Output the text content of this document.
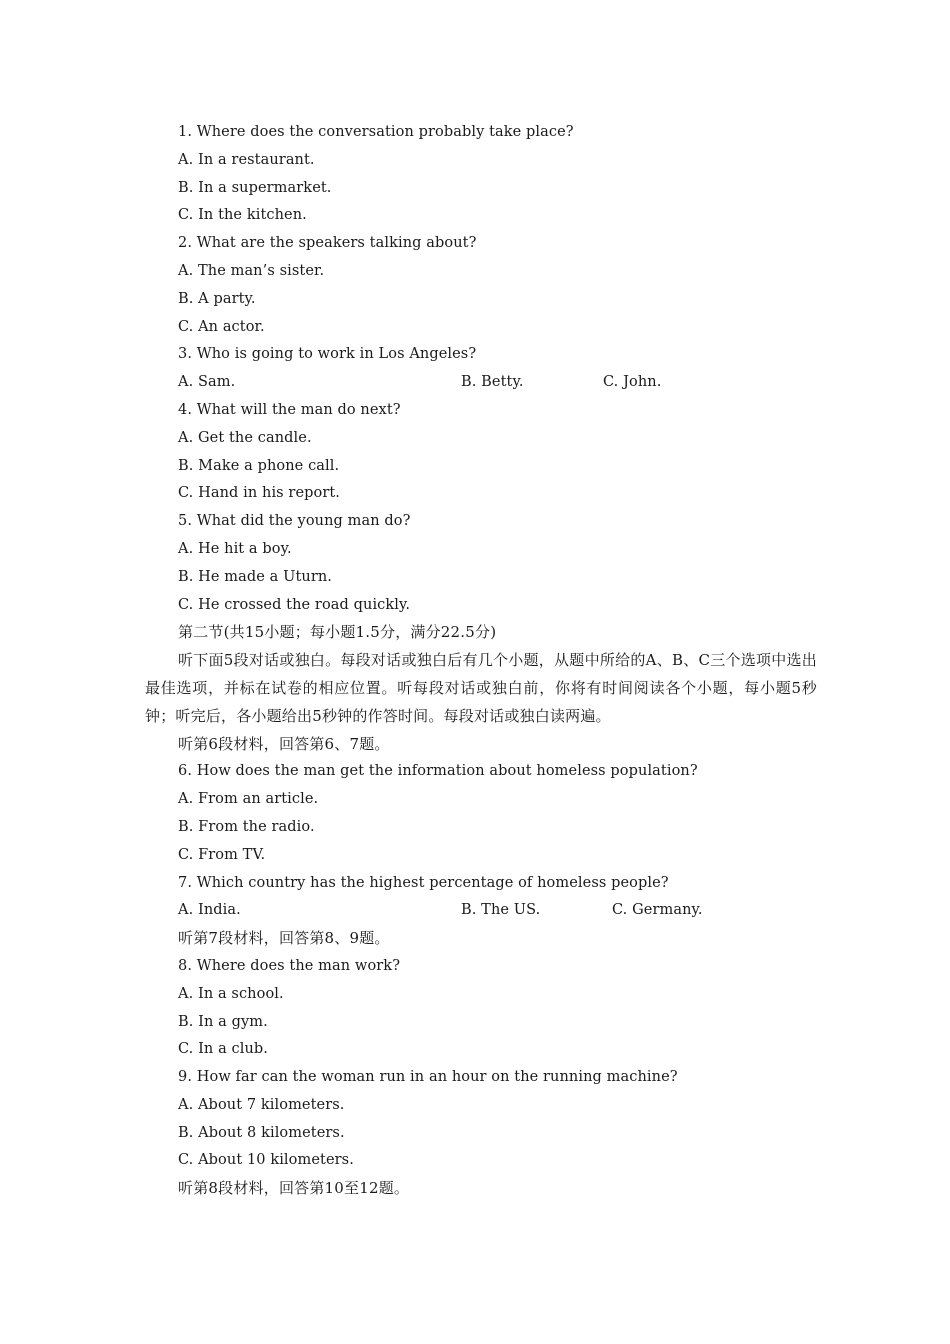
1. Where does the conversation probably take place?
A. In a restaurant.
B. In a supermarket.
C. In the kitchen.
2. What are the speakers talking about?
A. The man’s sister.
B. A party.
C. An actor.
3. Who is going to work in Los Angeles?
A. Sam.	B. Betty.	C. John.
4. What will the man do next?
A. Get the candle.
B. Make a phone call.
C. Hand in his report.
5. What did the young man do?
A. He hit a boy.
B. He made a Uturn.
C. He crossed the road quickly.
第二节(共15小题；每小题1.5分，满分22.5分)
听下面5段对话或独白。每段对话或独白后有几个小题，从题中所给的A、B、C三个选项中选出最佳选项，并标在试卷的相应位置。听每段对话或独白前，你将有时间阅读各个小题，每小题5秒钟；听完后，各小题给出5秒钟的作答时间。每段对话或独白读两遍。
听第6段材料，回答第6、7题。
6. How does the man get the information about homeless population?
A. From an article.
B. From the radio.
C. From TV.
7. Which country has the highest percentage of homeless people?
A. India.	B. The US.	C. Germany.
听第7段材料，回答第8、9题。
8. Where does the man work?
A. In a school.
B. In a gym.
C. In a club.
9. How far can the woman run in an hour on the running machine?
A. About 7 kilometers.
B. About 8 kilometers.
C. About 10 kilometers.
听第8段材料，回答第10至12题。
